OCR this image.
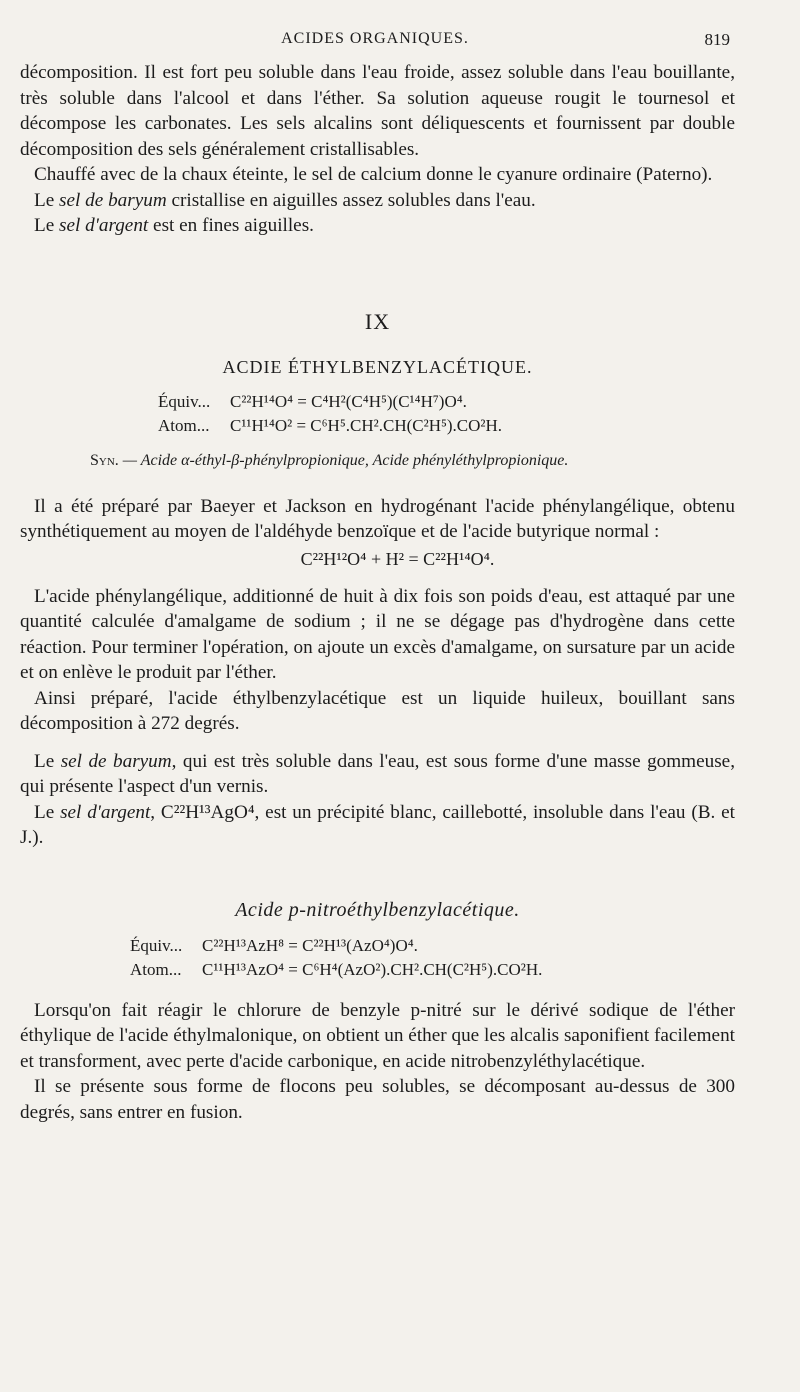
ACIDES ORGANIQUES.	819

décomposition. Il est fort peu soluble dans l'eau froide, assez soluble dans l'eau bouillante, très soluble dans l'alcool et dans l'éther. Sa solution aqueuse rougit le tournesol et décompose les carbonates. Les sels alcalins sont déliquescents et fournissent par double décomposition des sels généralement cristallisables.

Chauffé avec de la chaux éteinte, le sel de calcium donne le cyanure ordinaire (Paterno).

Le sel de baryum cristallise en aiguilles assez solubles dans l'eau.

Le sel d'argent est en fines aiguilles.

IX
ACDIE ÉTHYLBENZYLACÉTIQUE.
Équiv... C²²H¹⁴O⁴ = C⁴H²(C⁴H⁵)(C¹⁴H⁷)O⁴.
Atom... C¹¹H¹⁴O² = C⁶H⁵.CH².CH(C²H⁵).CO²H.
Syn. — Acide α-éthyl-β-phénylpropionique, Acide phényléthylpropionique.

Il a été préparé par Baeyer et Jackson en hydrogénant l'acide phénylangélique, obtenu synthétiquement au moyen de l'aldéhyde benzoïque et de l'acide butyrique normal :

C²²H¹²O⁴ + H² = C²²H¹⁴O⁴.

L'acide phénylangélique, additionné de huit à dix fois son poids d'eau, est attaqué par une quantité calculée d'amalgame de sodium ; il ne se dégage pas d'hydrogène dans cette réaction. Pour terminer l'opération, on ajoute un excès d'amalgame, on sursature par un acide et on enlève le produit par l'éther.

Ainsi préparé, l'acide éthylbenzylacétique est un liquide huileux, bouillant sans décomposition à 272 degrés.

Le sel de baryum, qui est très soluble dans l'eau, est sous forme d'une masse gommeuse, qui présente l'aspect d'un vernis.

Le sel d'argent, C²²H¹³AgO⁴, est un précipité blanc, caillebotté, insoluble dans l'eau (B. et J.).

Acide p-nitroéthylbenzylacétique.
Équiv... C²²H¹³AzH⁸ = C²²H¹³(AzO⁴)O⁴.
Atom... C¹¹H¹³AzO⁴ = C⁶H⁴(AzO²).CH².CH(C²H⁵).CO²H.

Lorsqu'on fait réagir le chlorure de benzyle p-nitré sur le dérivé sodique de l'éther éthylique de l'acide éthylmalonique, on obtient un éther que les alcalis saponifient facilement et transforment, avec perte d'acide carbonique, en acide nitrobenzyléthylacétique.

Il se présente sous forme de flocons peu solubles, se décomposant au-dessus de 300 degrés, sans entrer en fusion.
